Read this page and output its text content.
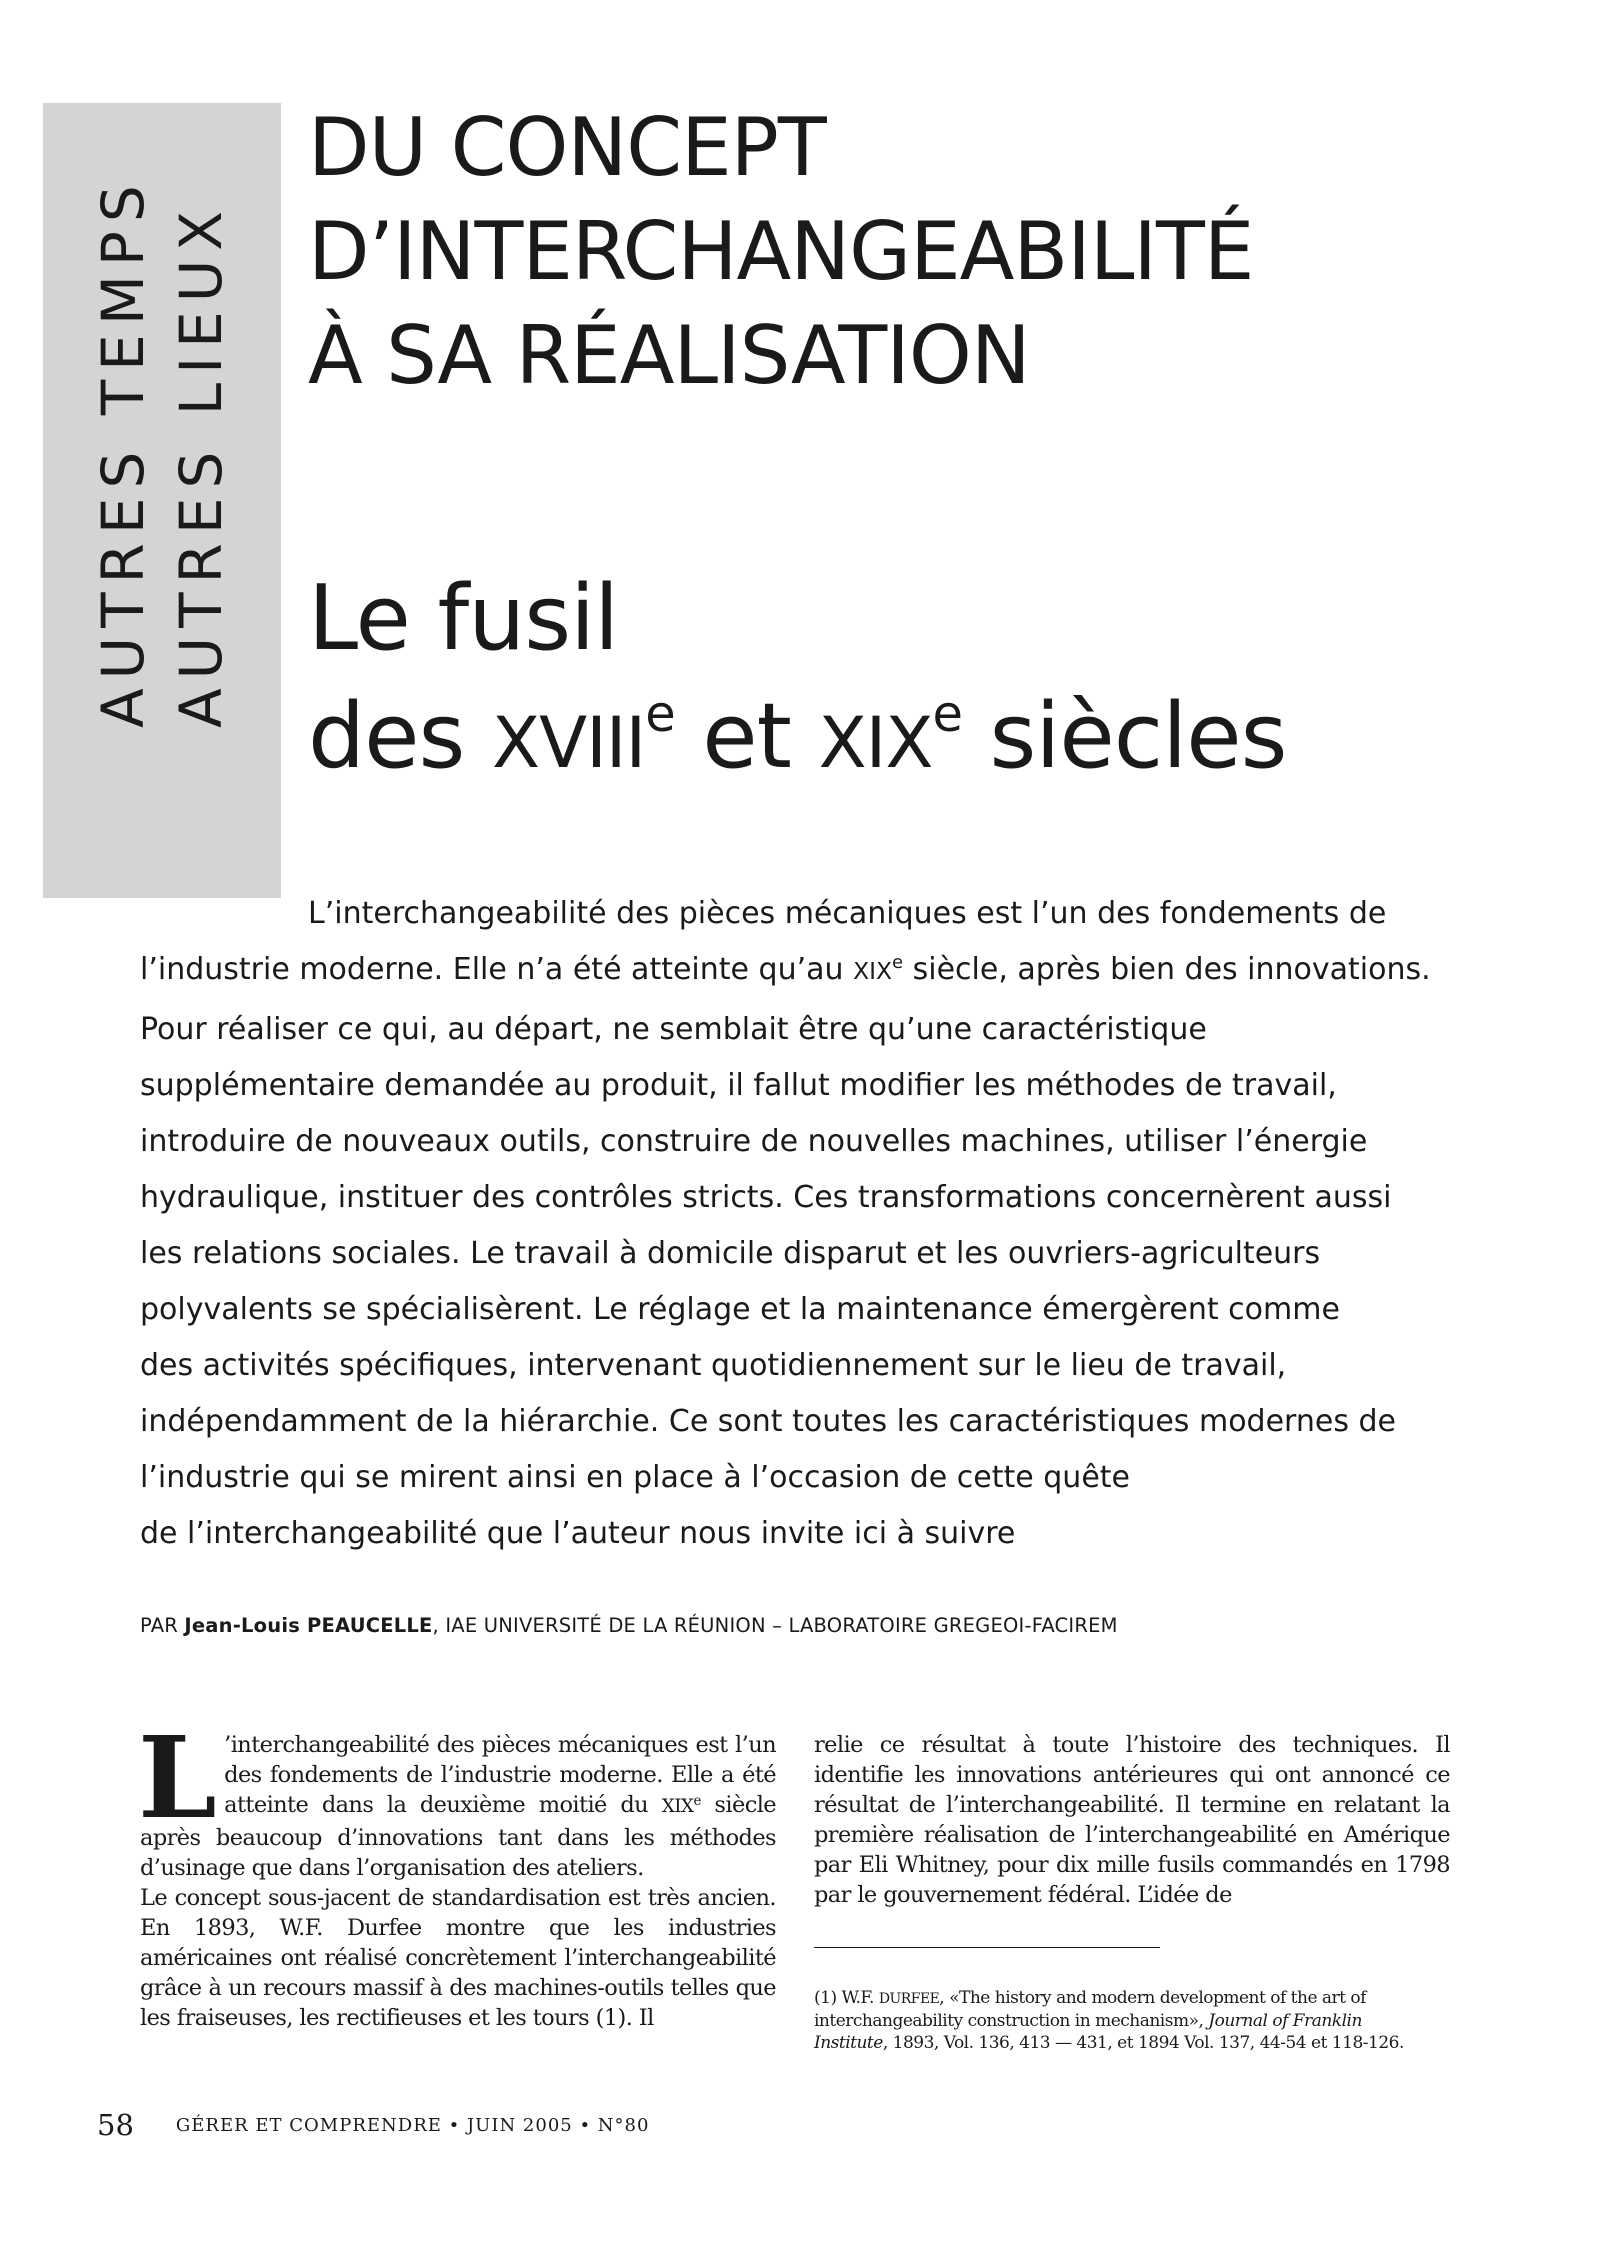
AUTRES TEMPS AUTRES LIEUX
DU CONCEPT
D’INTERCHANGEABILITÉ
À SA RÉALISATION
Le fusil
des XVIIIe et XIXe siècles
L’interchangeabilité des pièces mécaniques est l’un des fondements de
l’industrie moderne. Elle n’a été atteinte qu’au XIXe siècle, après bien des innovations.
Pour réaliser ce qui, au départ, ne semblait être qu’une caractéristique
supplémentaire demandée au produit, il fallut modifier les méthodes de travail,
introduire de nouveaux outils, construire de nouvelles machines, utiliser l’énergie
hydraulique, instituer des contrôles stricts. Ces transformations concernèrent aussi
les relations sociales. Le travail à domicile disparut et les ouvriers-agriculteurs
polyvalents se spécialisèrent. Le réglage et la maintenance émergèrent comme
des activités spécifiques, intervenant quotidiennement sur le lieu de travail,
indépendamment de la hiérarchie. Ce sont toutes les caractéristiques modernes de
l’industrie qui se mirent ainsi en place à l’occasion de cette quête
de l’interchangeabilité que l’auteur nous invite ici à suivre
PAR Jean-Louis PEAUCELLE, IAE UNIVERSITÉ DE LA RÉUNION – LABORATOIRE GREGEOI-FACIREM

L ’interchangeabilité des pièces mécaniques est l’un des fondements de l’industrie moderne. Elle a été atteinte dans la deuxième moitié du XIXe siècle après beaucoup d’innovations tant dans les méthodes d’usinage que dans l’organisation des ateliers.

Le concept sous-jacent de standardisation est très ancien. En 1893, W.F. Durfee montre que les industries américaines ont réalisé concrètement l’interchangeabilité grâce à un recours massif à des machines-outils telles que les fraiseuses, les rectifieuses et les tours (1). Il

relie ce résultat à toute l’histoire des techniques. Il identifie les innovations antérieures qui ont annoncé ce résultat de l’interchangeabilité. Il termine en relatant la première réalisation de l’interchangeabilité en Amérique par Eli Whitney, pour dix mille fusils commandés en 1798 par le gouvernement fédéral. L’idée de

(1) W.F. DURFEE, «The history and modern development of the art of
interchangeability construction in mechanism», Journal of Franklin
Institute, 1893, Vol. 136, 413 — 431, et 1894 Vol. 137, 44-54 et 118-126.
58 GÉRER ET COMPRENDRE • JUIN 2005 • N°80
